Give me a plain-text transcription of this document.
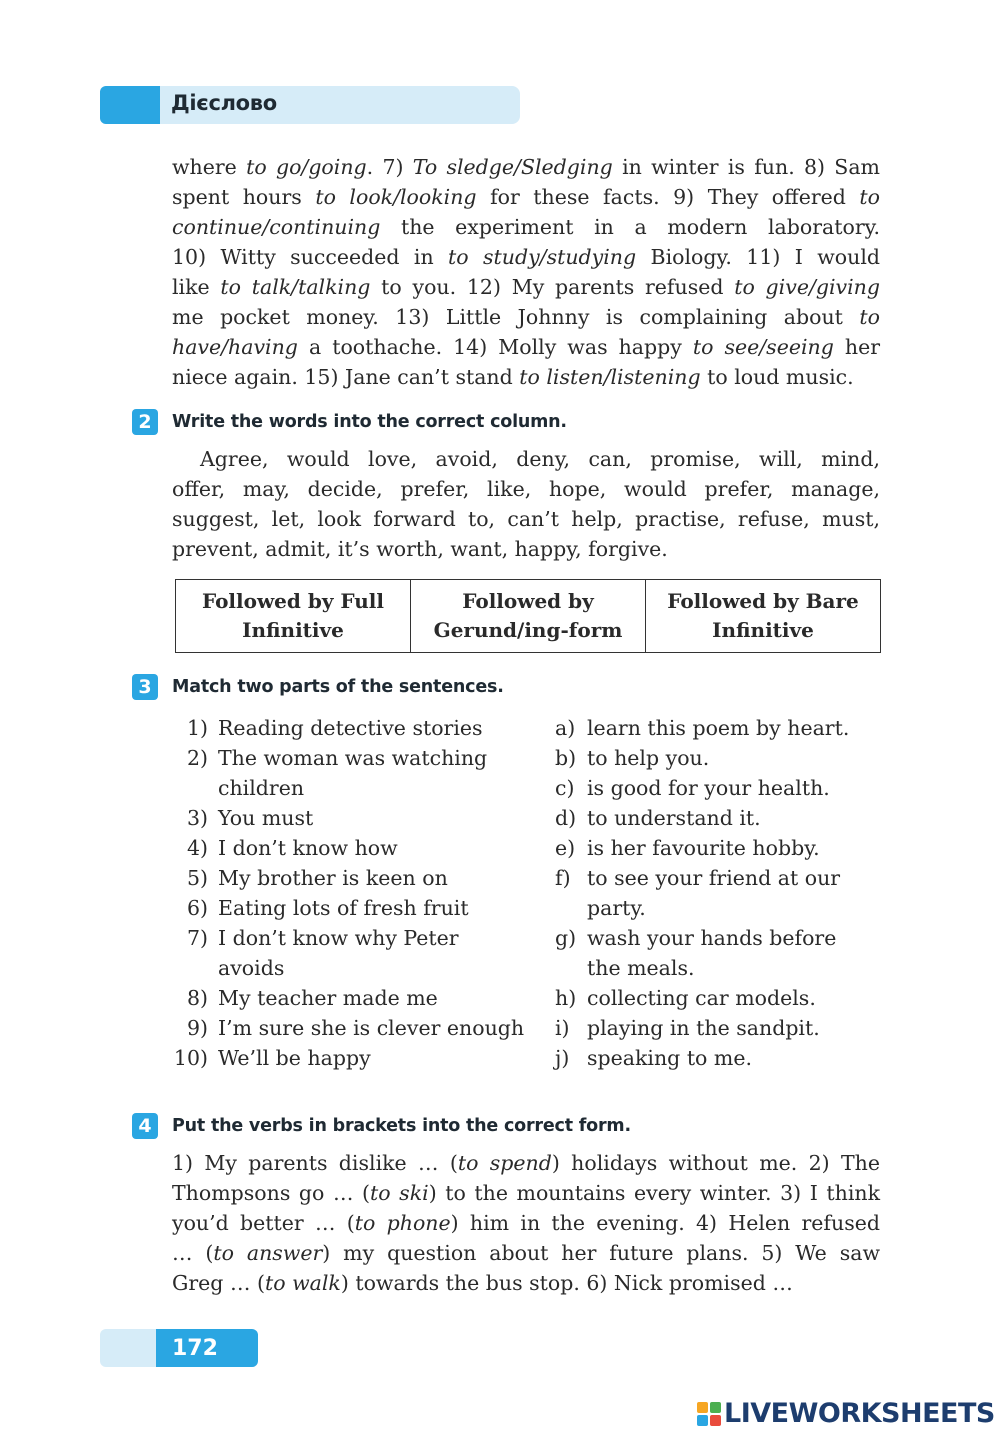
Дієслово
where to go/going. 7) To sledge/Sledging in winter is fun. 8) Sam
spent hours to look/looking for these facts. 9) They offered to
continue/continuing the experiment in a modern laboratory.
10) Witty succeeded in to study/studying Biology. 11) I would
like to talk/talking to you. 12) My parents refused to give/giving
me pocket money. 13) Little Johnny is complaining about to
have/having a toothache. 14) Molly was happy to see/seeing her
niece again. 15) Jane can’t stand to listen/listening to loud music.
2	Write the words into the correct column.
Agree, would love, avoid, deny, can, promise, will, mind,
offer, may, decide, prefer, like, hope, would prefer, manage,
suggest, let, look forward to, can’t help, practise, refuse, must,
prevent, admit, it’s worth, want, happy, forgive.
Followed by Full
Infinitive

Followed by
Gerund/ing-form

Followed by Bare
Infinitive
3	Match two parts of the sentences.
1) Reading detective stories
2) The woman was watching
children
3) You must
4) I don’t know how
5) My brother is keen on
6) Eating lots of fresh fruit
7) I don’t know why Peter
avoids
8) My teacher made me
9) I’m sure she is clever enough
10) We’ll be happy
a) learn this poem by heart.
b) to help you.
c) is good for your health.
d) to understand it.
e) is her favourite hobby.
f) to see your friend at our
party.
g) wash your hands before
the meals.
h) collecting car models.
i) playing in the sandpit.
j) speaking to me.
4	Put the verbs in brackets into the correct form.
1) My parents dislike … (to spend) holidays without me. 2) The
Thompsons go … (to ski) to the mountains every winter. 3) I think
you’d better … (to phone) him in the evening. 4) Helen refused
… (to answer) my question about her future plans. 5) We saw
Greg … (to walk) towards the bus stop. 6) Nick promised …
172
LIVEWORKSHEETS
